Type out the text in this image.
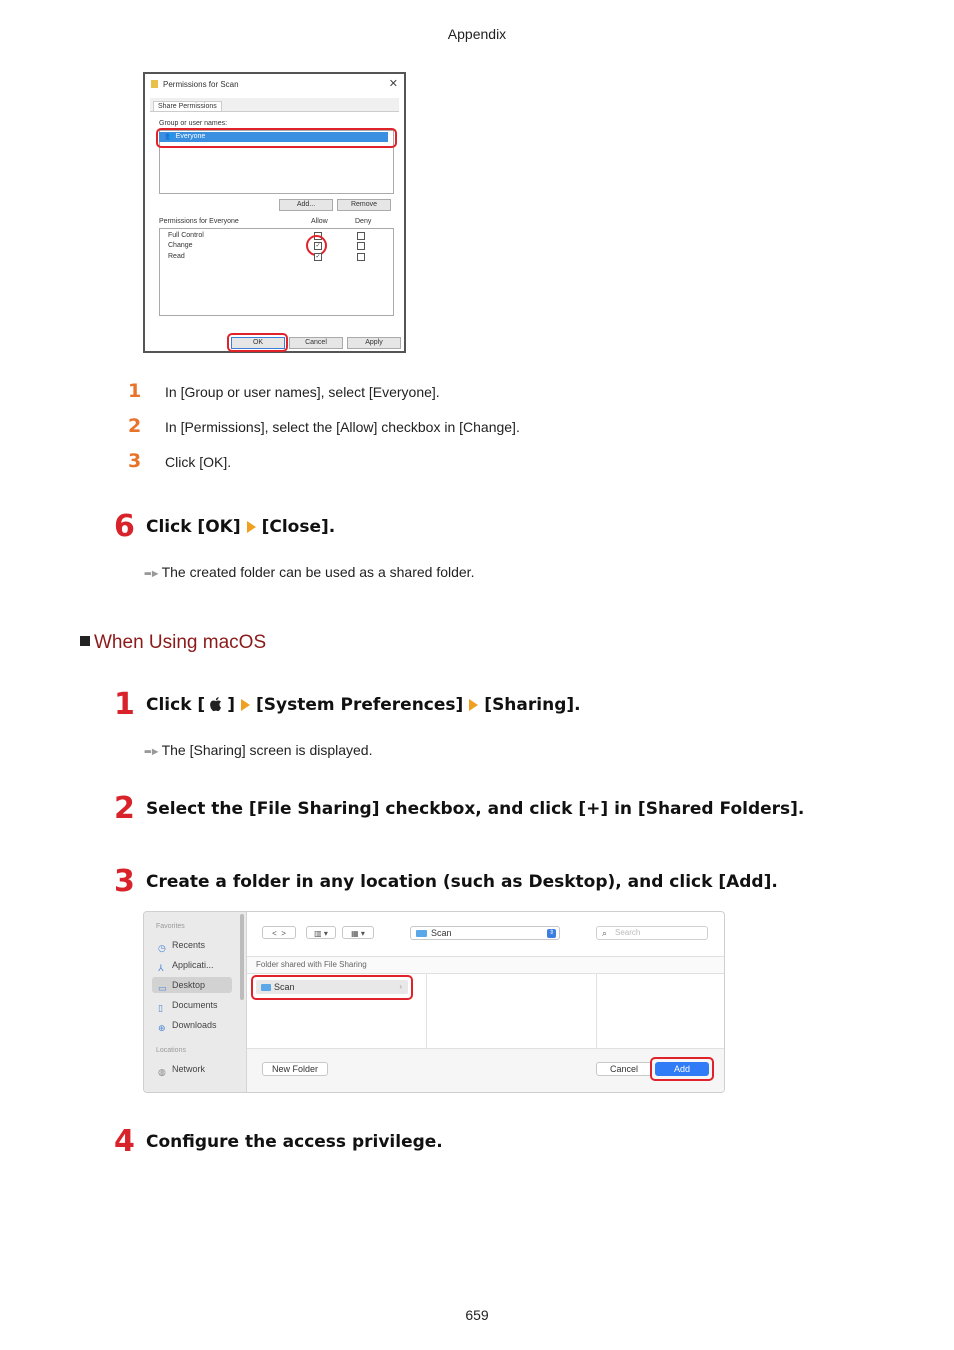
Appendix
Permissions for Scan	✕
Share Permissions
Group or user names:
👥 Everyone
Add...	Remove
Permissions for Everyone	Allow	Deny
Full Control
Change	✓
Read	✓
OK	Cancel	Apply
1 In [Group or user names], select [Everyone].
2 In [Permissions], select the [Allow] checkbox in [Change].
3 Click [OK].
6 Click [OK] [Close].
▪▪▪► The created folder can be used as a shared folder.
When Using macOS
1 Click [ ] [System Preferences] [Sharing].
▪▪▪► The [Sharing] screen is displayed.
2 Select the [File Sharing] checkbox, and click [+] in [Shared Folders].
3 Create a folder in any location (such as Desktop), and click [Add].
Favorites
◷ Recents
⅄ Applicati...
▭ Desktop
▯ Documents
⊕ Downloads
Locations
◍ Network
<  >	▥ ▾	▦ ▾	Scan	⇕	⌕ Search
Folder shared with File Sharing
Scan	›
New Folder	Cancel	Add
4 Configure the access privilege.
659
